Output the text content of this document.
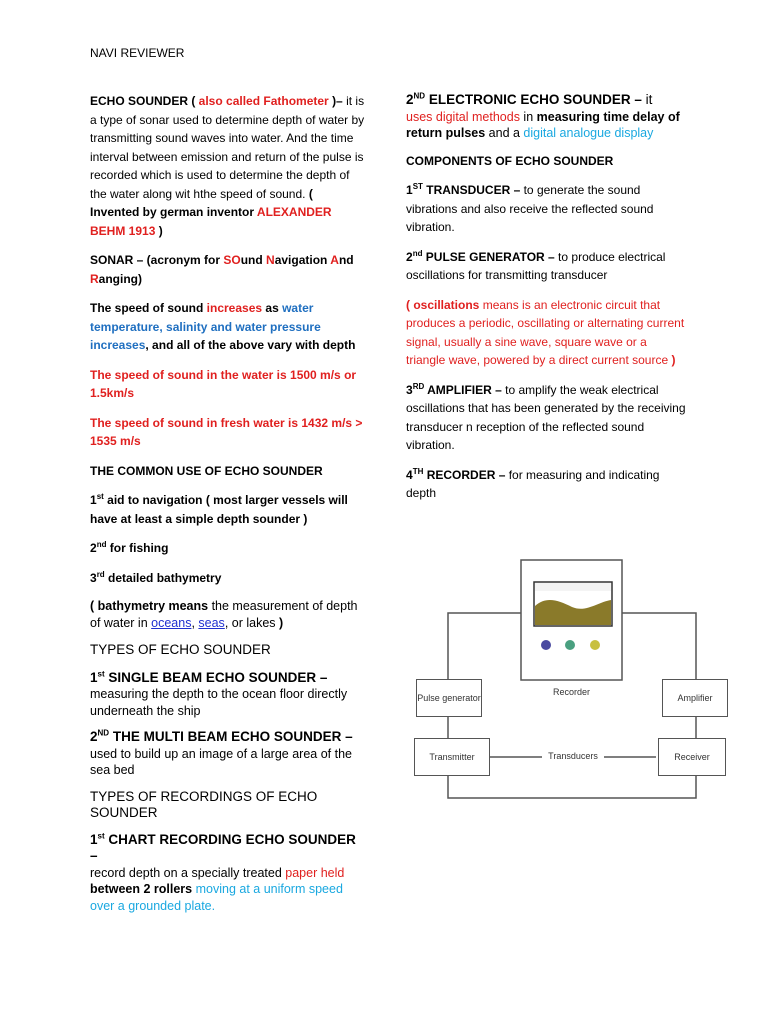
NAVI REVIEWER

ECHO SOUNDER ( also called Fathometer )– it is a type of sonar used to determine depth of water by transmitting sound waves into water. And the time interval between emission and return of the pulse is recorded which is used to determine the depth of the water along wit hthe speed of sound. ( Invented by german inventor ALEXANDER BEHM 1913 )

SONAR – (acronym for SOund Navigation And Ranging)

The speed of sound increases as water temperature, salinity and water pressure increases, and all of the above vary with depth

The speed of sound in the water is 1500 m/s or 1.5km/s

The speed of sound in fresh water is 1432 m/s > 1535 m/s

THE COMMON USE OF ECHO SOUNDER

1st aid to navigation ( most larger vessels will have at least a simple depth sounder )

2nd for fishing

3rd detailed bathymetry

( bathymetry means the measurement of depth of water in oceans, seas, or lakes )

TYPES OF ECHO SOUNDER

1st SINGLE BEAM ECHO SOUNDER –
measuring the depth to the ocean floor directly underneath the ship

2ND THE MULTI BEAM ECHO SOUNDER –
used to build up an image of a large area of the sea bed

TYPES OF RECORDINGS OF ECHO SOUNDER

1st CHART RECORDING ECHO SOUNDER –
record depth on a specially treated paper held
between 2 rollers moving at a uniform speed over a grounded plate.

2ND ELECTRONIC ECHO SOUNDER – it
uses digital methods in measuring time delay of return pulses and a digital analogue display

COMPONENTS OF ECHO SOUNDER

1ST TRANSDUCER – to generate the sound vibrations and also receive the reflected sound vibration.

2nd PULSE GENERATOR – to produce electrical oscillations for transmitting transducer

( oscillations means is an electronic circuit that produces a periodic, oscillating or alternating current signal, usually a sine wave, square wave or a triangle wave, powered by a direct current source )

3RD AMPLIFIER – to amplify the weak electrical oscillations that has been generated by the receiving transducer n reception of the reflected sound vibration.

4TH RECORDER – for measuring and indicating depth

Recorder
Pulse generator	Amplifier
Transmitter	Receiver
Transducers
